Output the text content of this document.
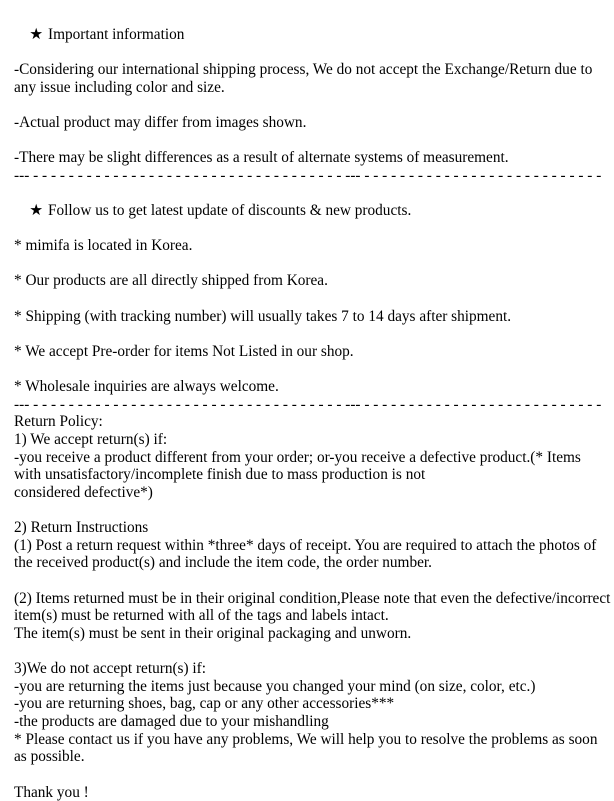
★ Important information

-Considering our international shipping process, We do not accept the Exchange/Return due to
any issue including color and size.
-Actual product may differ from images shown.
-There may be slight differences as a result of alternate systems of measurement.
--- - - - - - - - - - - - - - - - - - - - - - - - - - - - - - - - - - - - --- - - - - - - - - - - - - - - - - - - - - - - - - - - -

★ Follow us to get latest update of discounts & new products.

* mimifa is located in Korea.
* Our products are all directly shipped from Korea.
* Shipping (with tracking number) will usually takes 7 to 14 days after shipment.
* We accept Pre-order for items Not Listed in our shop.
* Wholesale inquiries are always welcome.
--- - - - - - - - - - - - - - - - - - - - - - - - - - - - - - - - - - - - --- - - - - - - - - - - - - - - - - - - - - - - - - - - -
Return Policy:
1) We accept return(s) if:
-you receive a product different from your order; or-you receive a defective product.(* Items
with unsatisfactory/incomplete finish due to mass production is not
considered defective*)
2) Return Instructions
(1) Post a return request within *three* days of receipt. You are required to attach the photos of
the received product(s) and include the item code, the order number.
(2) Items returned must be in their original condition,Please note that even the defective/incorrect
item(s) must be returned with all of the tags and labels intact.
The item(s) must be sent in their original packaging and unworn.
3)We do not accept return(s) if:
-you are returning the items just because you changed your mind (on size, color, etc.)
-you are returning shoes, bag, cap or any other accessories***
-the products are damaged due to your mishandling
* Please contact us if you have any problems, We will help you to resolve the problems as soon
as possible.
Thank you !
